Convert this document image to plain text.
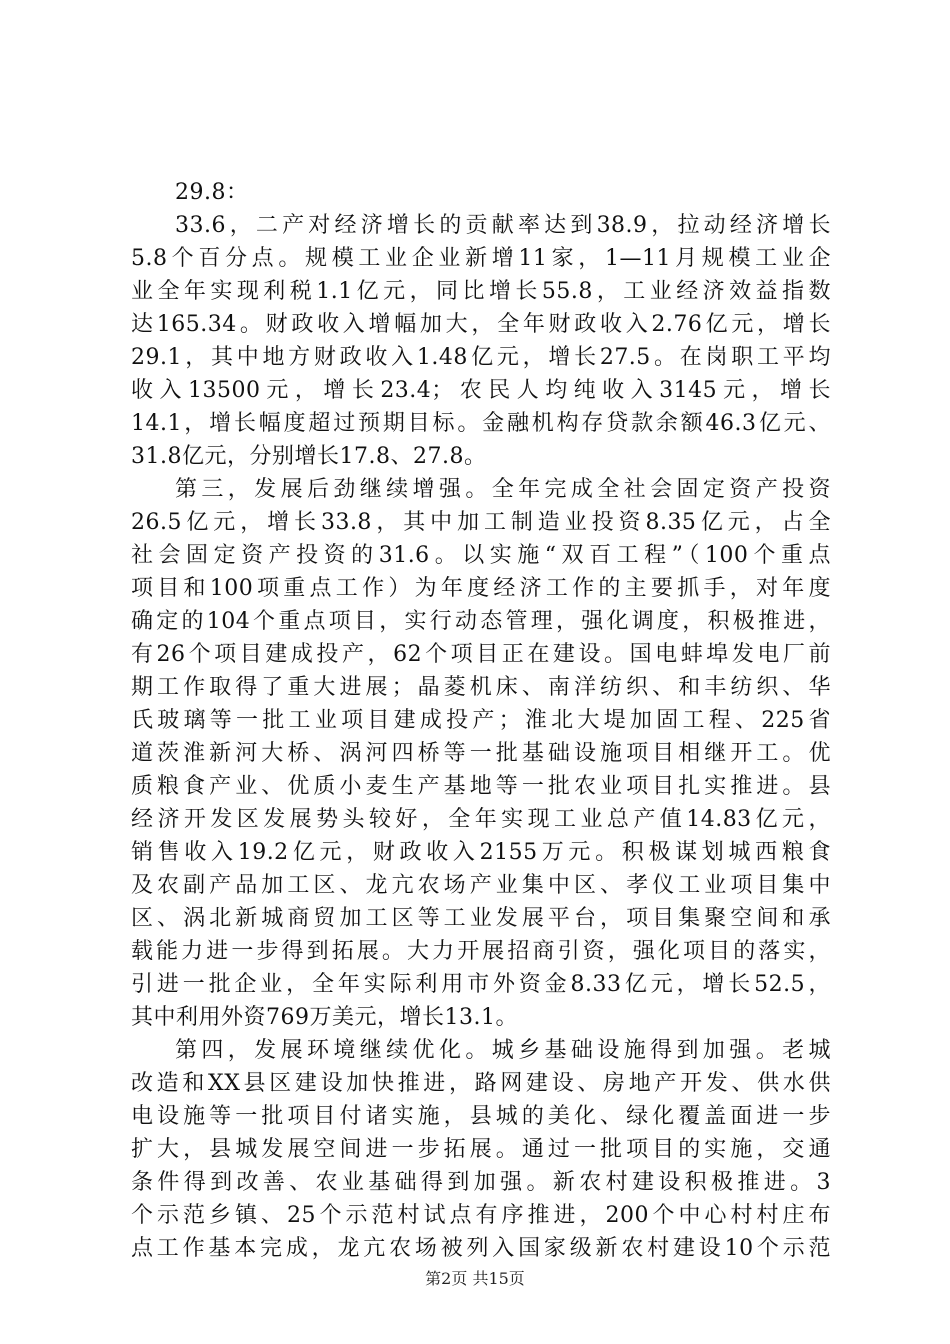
29.8：
33.6，二产对经济增长的贡献率达到38.9，拉动经济增长
5.8个百分点。规模工业企业新增11家，1—11月规模工业企
业全年实现利税1.1亿元，同比增长55.8，工业经济效益指数
达165.34。财政收入增幅加大，全年财政收入2.76亿元，增长
29.1，其中地方财政收入1.48亿元，增长27.5。在岗职工平均
收入13500元，增长23.4；农民人均纯收入3145元，增长
14.1，增长幅度超过预期目标。金融机构存贷款余额46.3亿元、
31.8亿元，分别增长17.8、27.8。
第三，发展后劲继续增强。全年完成全社会固定资产投资
26.5亿元，增长33.8，其中加工制造业投资8.35亿元，占全
社会固定资产投资的31.6。以实施“双百工程”（100个重点
项目和100项重点工作）为年度经济工作的主要抓手，对年度
确定的104个重点项目，实行动态管理，强化调度，积极推进，
有26个项目建成投产，62个项目正在建设。国电蚌埠发电厂前
期工作取得了重大进展；晶菱机床、南洋纺织、和丰纺织、华
氏玻璃等一批工业项目建成投产；淮北大堤加固工程、225省
道茨淮新河大桥、涡河四桥等一批基础设施项目相继开工。优
质粮食产业、优质小麦生产基地等一批农业项目扎实推进。县
经济开发区发展势头较好，全年实现工业总产值14.83亿元，
销售收入19.2亿元，财政收入2155万元。积极谋划城西粮食
及农副产品加工区、龙亢农场产业集中区、孝仪工业项目集中
区、涡北新城商贸加工区等工业发展平台，项目集聚空间和承
载能力进一步得到拓展。大力开展招商引资，强化项目的落实，
引进一批企业，全年实际利用市外资金8.33亿元，增长52.5，
其中利用外资769万美元，增长13.1。
第四，发展环境继续优化。城乡基础设施得到加强。老城
改造和XX县区建设加快推进，路网建设、房地产开发、供水供
电设施等一批项目付诸实施，县城的美化、绿化覆盖面进一步
扩大，县城发展空间进一步拓展。通过一批项目的实施，交通
条件得到改善、农业基础得到加强。新农村建设积极推进。3
个示范乡镇、25个示范村试点有序推进，200个中心村村庄布
点工作基本完成，龙亢农场被列入国家级新农村建设10个示范
第2页 共15页
